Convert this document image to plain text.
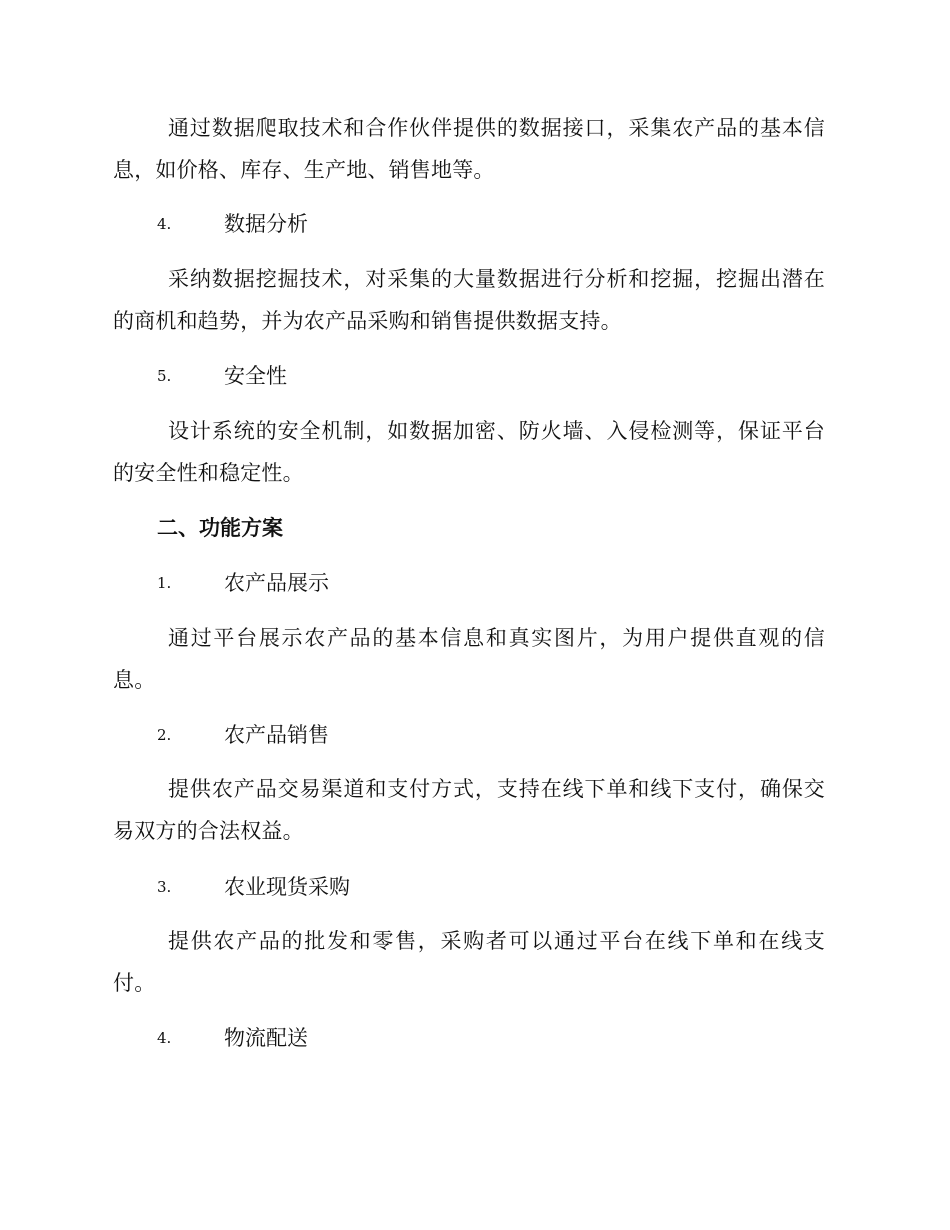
通过数据爬取技术和合作伙伴提供的数据接口，采集农产品的基本信息，如价格、库存、生产地、销售地等。

4.	数据分析

采纳数据挖掘技术，对采集的大量数据进行分析和挖掘，挖掘出潜在的商机和趋势，并为农产品采购和销售提供数据支持。

5.	安全性

设计系统的安全机制，如数据加密、防火墙、入侵检测等，保证平台的安全性和稳定性。

二、功能方案
1.	农产品展示

通过平台展示农产品的基本信息和真实图片，为用户提供直观的信息。

2.	农产品销售

提供农产品交易渠道和支付方式，支持在线下单和线下支付，确保交易双方的合法权益。

3.	农业现货采购

提供农产品的批发和零售，采购者可以通过平台在线下单和在线支付。

4.	物流配送
